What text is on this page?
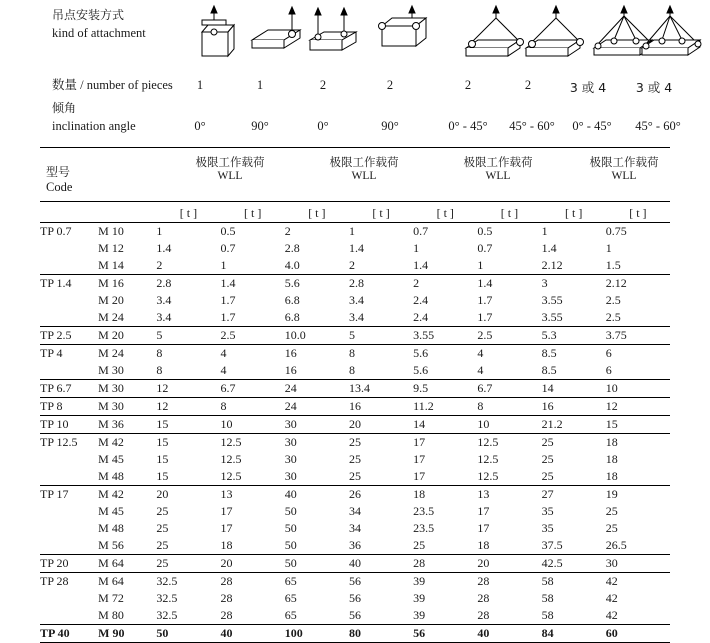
吊点安装方式
kind of attachment
数量 / number of pieces	1	1	2	2	2	2	3 或 4	3 或 4
倾角
inclination angle	0°	90°	0°	90°	0° - 45°	45° - 60°	0° - 45°	45° - 60°
极限工作载荷
WLL
极限工作载荷
WLL
极限工作载荷
WLL
极限工作载荷
WLL
型号
Code
		[ t ]	[ t ]	[ t ]	[ t ]	[ t ]	[ t ]	[ t ]	[ t ]
TP 0.7	M 10	1	0.5	2	1	0.7	0.5	1	0.75
	M 12	1.4	0.7	2.8	1.4	1	0.7	1.4	1
	M 14	2	1	4.0	2	1.4	1	2.12	1.5
TP 1.4	M 16	2.8	1.4	5.6	2.8	2	1.4	3	2.12
	M 20	3.4	1.7	6.8	3.4	2.4	1.7	3.55	2.5
	M 24	3.4	1.7	6.8	3.4	2.4	1.7	3.55	2.5
TP 2.5	M 20	5	2.5	10.0	5	3.55	2.5	5.3	3.75
TP 4	M 24	8	4	16	8	5.6	4	8.5	6
	M 30	8	4	16	8	5.6	4	8.5	6
TP 6.7	M 30	12	6.7	24	13.4	9.5	6.7	14	10
TP 8	M 30	12	8	24	16	11.2	8	16	12
TP 10	M 36	15	10	30	20	14	10	21.2	15
TP 12.5	M 42	15	12.5	30	25	17	12.5	25	18
	M 45	15	12.5	30	25	17	12.5	25	18
	M 48	15	12.5	30	25	17	12.5	25	18
TP 17	M 42	20	13	40	26	18	13	27	19
	M 45	25	17	50	34	23.5	17	35	25
	M 48	25	17	50	34	23.5	17	35	25
	M 56	25	18	50	36	25	18	37.5	26.5
TP 20	M 64	25	20	50	40	28	20	42.5	30
TP 28	M 64	32.5	28	65	56	39	28	58	42
	M 72	32.5	28	65	56	39	28	58	42
	M 80	32.5	28	65	56	39	28	58	42
TP 40	M 90	50	40	100	80	56	40	84	60
